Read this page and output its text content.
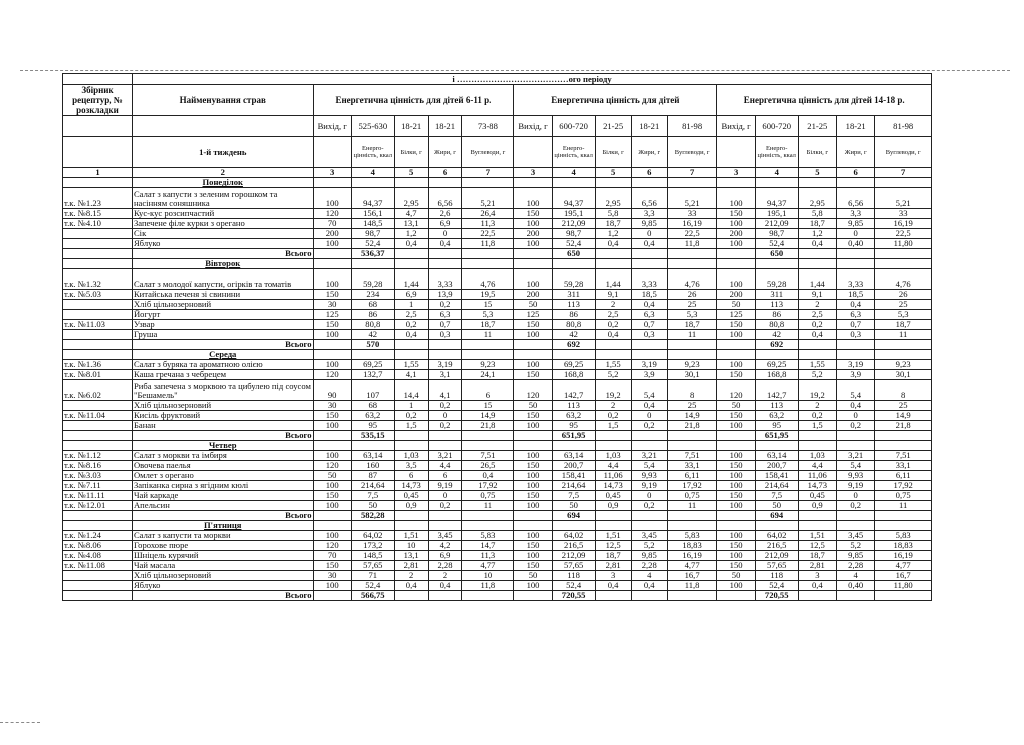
	і …………………………………ого періоду															
Збірник рецептур, № розкладки	Найменування страв	Енергетична цінність для дітей 6-11 р.					Енергетична цінність для дітей					Енергетична цінність для дітей 14-18 р.				
		Вихід, г	525-630	18-21	18-21	73-88	Вихід, г	600-720	21-25	18-21	81-98	Вихід, г	600-720	21-25	18-21	81-98
	1-й тиждень		Енерго-цінність, ккал	Білки, г	Жири, г	Вуглеводи, г		Енерго-цінність, ккал	Білки, г	Жири, г	Вуглеводи, г		Енерго-цінність, ккал	Білки, г	Жири, г	Вуглеводи, г
1	2	3	4	5	6	7	3	4	5	6	7	3	4	5	6	7
	Понеділок															
т.к. №1.23	Салат з капусти з зеленим горошком та насінням соняшника	100	94,37	2,95	6,56	5,21	100	94,37	2,95	6,56	5,21	100	94,37	2,95	6,56	5,21
т.к. №8.15	Кус-кус розсипчастий	120	156,1	4,7	2,6	26,4	150	195,1	5,8	3,3	33	150	195,1	5,8	3,3	33
т.к. №4.10	Запечене філе курки з орегано	70	148,5	13,1	6,9	11,3	100	212,09	18,7	9,85	16,19	100	212,09	18,7	9,85	16,19
	Сік	200	98,7	1,2	0	22,5	200	98,7	1,2	0	22,5	200	98,7	1,2	0	22,5
	Яблуко	100	52,4	0,4	0,4	11,8	100	52,4	0,4	0,4	11,8	100	52,4	0,4	0,40	11,80
	Всього		536,37					650					650			
	Вівторок															
т.к. №1.32	Салат з молодої капусти, огірків та томатів	100	59,28	1,44	3,33	4,76	100	59,28	1,44	3,33	4,76	100	59,28	1,44	3,33	4,76
т.к. №5.03	Китайська печеня зі свинини	150	234	6,9	13,9	19,5	200	311	9,1	18,5	26	200	311	9,1	18,5	26
	Хліб цільнозерновий	30	68	1	0,2	15	50	113	2	0,4	25	50	113	2	0,4	25
	Йогурт	125	86	2,5	6,3	5,3	125	86	2,5	6,3	5,3	125	86	2,5	6,3	5,3
т.к. №11.03	Узвар	150	80,8	0,2	0,7	18,7	150	80,8	0,2	0,7	18,7	150	80,8	0,2	0,7	18,7
	Груша	100	42	0,4	0,3	11	100	42	0,4	0,3	11	100	42	0,4	0,3	11
	Всього		570					692					692			
	Середа															
т.к. №1.36	Салат з буряка та ароматною олією	100	69,25	1,55	3,19	9,23	100	69,25	1,55	3,19	9,23	100	69,25	1,55	3,19	9,23
т.к. №8.01	Каша гречана з чебрецем	120	132,7	4,1	3,1	24,1	150	168,8	5,2	3,9	30,1	150	168,8	5,2	3,9	30,1
т.к. №6.02	Риба запечена з морквою та цибулею під соусом "Бешамель"	90	107	14,4	4,1	6	120	142,7	19,2	5,4	8	120	142,7	19,2	5,4	8
	Хліб цільнозерновий	30	68	1	0,2	15	50	113	2	0,4	25	50	113	2	0,4	25
т.к. №11.04	Кисіль фруктовий	150	63,2	0,2	0	14,9	150	63,2	0,2	0	14,9	150	63,2	0,2	0	14,9
	Банан	100	95	1,5	0,2	21,8	100	95	1,5	0,2	21,8	100	95	1,5	0,2	21,8
	Всього		535,15					651,95					651,95			
	Четвер															
т.к. №1.12	Салат з моркви та імбиря	100	63,14	1,03	3,21	7,51	100	63,14	1,03	3,21	7,51	100	63,14	1,03	3,21	7,51
т.к. №8.16	Овочева паелья	120	160	3,5	4,4	26,5	150	200,7	4,4	5,4	33,1	150	200,7	4,4	5,4	33,1
т.к. №3.03	Омлет з орегано	50	87	6	6	0,4	100	158,41	11,06	9,93	6,11	100	158,41	11,06	9,93	6,11
т.к. №7.11	Запіканка сирна з ягідним кюлі	100	214,64	14,73	9,19	17,92	100	214,64	14,73	9,19	17,92	100	214,64	14,73	9,19	17,92
т.к. №11.11	Чай каркаде	150	7,5	0,45	0	0,75	150	7,5	0,45	0	0,75	150	7,5	0,45	0	0,75
т.к. №12.01	Апельсин	100	50	0,9	0,2	11	100	50	0,9	0,2	11	100	50	0,9	0,2	11
	Всього		582,28					694					694			
	П'ятниця															
т.к. №1.24	Салат з капусти та моркви	100	64,02	1,51	3,45	5,83	100	64,02	1,51	3,45	5,83	100	64,02	1,51	3,45	5,83
т.к. №8.06	Горохове пюре	120	173,2	10	4,2	14,7	150	216,5	12,5	5,2	18,83	150	216,5	12,5	5,2	18,83
т.к. №4.08	Шніцель курячий	70	148,5	13,1	6,9	11,3	100	212,09	18,7	9,85	16,19	100	212,09	18,7	9,85	16,19
т.к. №11.08	Чай масала	150	57,65	2,81	2,28	4,77	150	57,65	2,81	2,28	4,77	150	57,65	2,81	2,28	4,77
	Хліб цільнозерновий	30	71	2	2	10	50	118	3	4	16,7	50	118	3	4	16,7
	Яблуко	100	52,4	0,4	0,4	11,8	100	52,4	0,4	0,4	11,8	100	52,4	0,4	0,40	11,80
	Всього		566,75					720,55					720,55			
